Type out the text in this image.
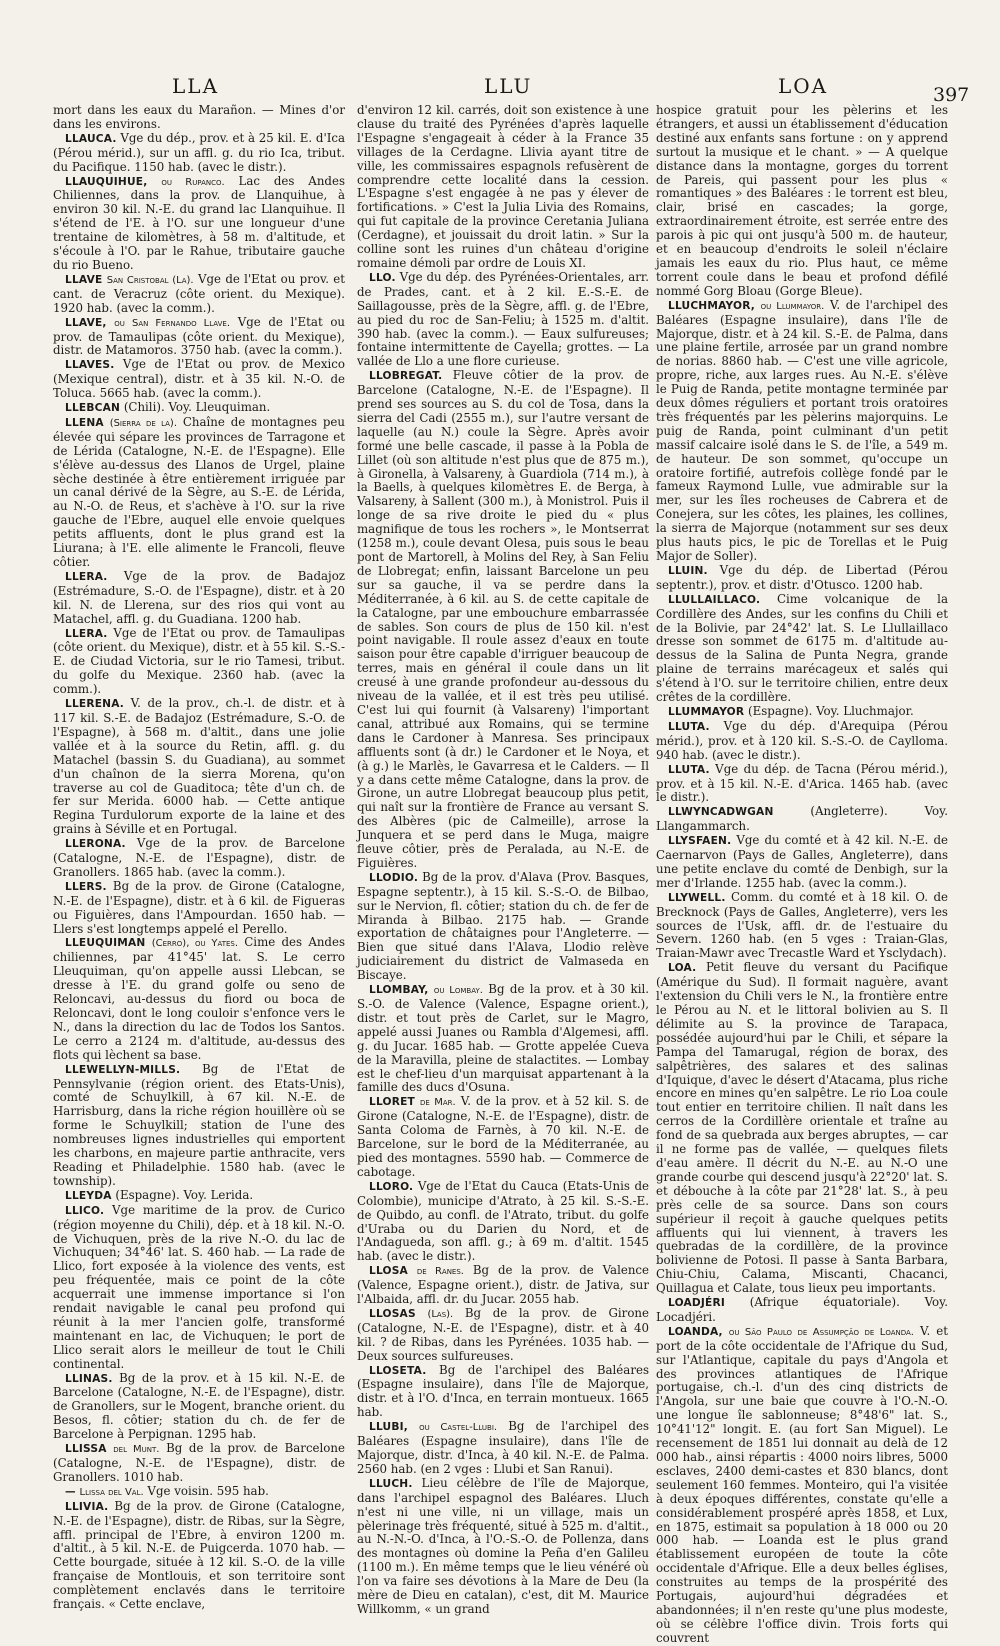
LLA	LLU	LOA	397

mort dans les eaux du Marañon. — Mines d'or dans les environs.

LLAUCA. Vge du dép., prov. et à 25 kil. E. d'Ica (Pérou mérid.), sur un affl. g. du rio Ica, tribut. du Pacifique. 1150 hab. (avec le distr.).

LLAUQUIHUE, ou Rupanco. Lac des Andes Chiliennes, dans la prov. de Llanquihue, à environ 30 kil. N.-E. du grand lac Llanquihue. Il s'étend de l'E. à l'O. sur une longueur d'une trentaine de kilomètres, à 58 m. d'altitude, et s'écoule à l'O. par le Rahue, tributaire gauche du rio Bueno.

LLAVE San Cristobal (La). Vge de l'Etat ou prov. et cant. de Veracruz (côte orient. du Mexique). 1920 hab. (avec la comm.).

LLAVE, ou San Fernando Llave. Vge de l'Etat ou prov. de Tamaulipas (côte orient. du Mexique), distr. de Matamoros. 3750 hab. (avec la comm.).

LLAVES. Vge de l'Etat ou prov. de Mexico (Mexique central), distr. et à 35 kil. N.-O. de Toluca. 5665 hab. (avec la comm.).

LLEBCAN (Chili). Voy. Lleuquiman.

LLENA (Sierra de la). Chaîne de montagnes peu élevée qui sépare les provinces de Tarragone et de Lérida (Catalogne, N.-E. de l'Espagne). Elle s'élève au-dessus des Llanos de Urgel, plaine sèche destinée à être entièrement irriguée par un canal dérivé de la Sègre, au S.-E. de Lérida, au N.-O. de Reus, et s'achève à l'O. sur la rive gauche de l'Ebre, auquel elle envoie quelques petits affluents, dont le plus grand est la Liurana; à l'E. elle alimente le Francoli, fleuve côtier.

LLERA. Vge de la prov. de Badajoz (Estrémadure, S.-O. de l'Espagne), distr. et à 20 kil. N. de Llerena, sur des rios qui vont au Matachel, affl. g. du Guadiana. 1200 hab.

LLERA. Vge de l'Etat ou prov. de Tamaulipas (côte orient. du Mexique), distr. et à 55 kil. S.-S.-E. de Ciudad Victoria, sur le rio Tamesi, tribut. du golfe du Mexique. 2360 hab. (avec la comm.).

LLERENA. V. de la prov., ch.-l. de distr. et à 117 kil. S.-E. de Badajoz (Estrémadure, S.-O. de l'Espagne), à 568 m. d'altit., dans une jolie vallée et à la source du Retin, affl. g. du Matachel (bassin S. du Guadiana), au sommet d'un chaînon de la sierra Morena, qu'on traverse au col de Guaditoca; tête d'un ch. de fer sur Merida. 6000 hab. — Cette antique Regina Turdulorum exporte de la laine et des grains à Séville et en Portugal.

LLERONA. Vge de la prov. de Barcelone (Catalogne, N.-E. de l'Espagne), distr. de Granollers. 1865 hab. (avec la comm.).

LLERS. Bg de la prov. de Girone (Catalogne, N.-E. de l'Espagne), distr. et à 6 kil. de Figueras ou Figuières, dans l'Ampourdan. 1650 hab. — Llers s'est longtemps appelé el Perello.

LLEUQUIMAN (Cerro), ou Yates. Cime des Andes chiliennes, par 41°45' lat. S. Le cerro Lleuquiman, qu'on appelle aussi Llebcan, se dresse à l'E. du grand golfe ou seno de Reloncavi, au-dessus du fiord ou boca de Reloncavi, dont le long couloir s'enfonce vers le N., dans la direction du lac de Todos los Santos. Le cerro a 2124 m. d'altitude, au-dessus des flots qui lèchent sa base.

LLEWELLYN-MILLS. Bg de l'Etat de Pennsylvanie (région orient. des Etats-Unis), comté de Schuylkill, à 67 kil. N.-E. de Harrisburg, dans la riche région houillère où se forme le Schuylkill; station de l'une des nombreuses lignes industrielles qui emportent les charbons, en majeure partie anthracite, vers Reading et Philadelphie. 1580 hab. (avec le township).

LLEYDA (Espagne). Voy. Lerida.

LLICO. Vge maritime de la prov. de Curico (région moyenne du Chili), dép. et à 18 kil. N.-O. de Vichuquen, près de la rive N.-O. du lac de Vichuquen; 34°46' lat. S. 460 hab. — La rade de Llico, fort exposée à la violence des vents, est peu fréquentée, mais ce point de la côte acquerrait une immense importance si l'on rendait navigable le canal peu profond qui réunit à la mer l'ancien golfe, transformé maintenant en lac, de Vichuquen; le port de Llico serait alors le meilleur de tout le Chili continental.

LLINAS. Bg de la prov. et à 15 kil. N.-E. de Barcelone (Catalogne, N.-E. de l'Espagne), distr. de Granollers, sur le Mogent, branche orient. du Besos, fl. côtier; station du ch. de fer de Barcelone à Perpignan. 1295 hab.

LLISSA del Munt. Bg de la prov. de Barcelone (Catalogne, N.-E. de l'Espagne), distr. de Granollers. 1010 hab.

— Llissa del Val. Vge voisin. 595 hab.

LLIVIA. Bg de la prov. de Girone (Catalogne, N.-E. de l'Espagne), distr. de Ribas, sur la Sègre, affl. principal de l'Ebre, à environ 1200 m. d'altit., à 5 kil. N.-E. de Puigcerda. 1070 hab. — Cette bourgade, située à 12 kil. S.-O. de la ville française de Montlouis, et son territoire sont complètement enclavés dans le territoire français. « Cette enclave,

d'environ 12 kil. carrés, doit son existence à une clause du traité des Pyrénées d'après laquelle l'Espagne s'engageait à céder à la France 35 villages de la Cerdagne. Llivia ayant titre de ville, les commissaires espagnols refusèrent de comprendre cette localité dans la cession. L'Espagne s'est engagée à ne pas y élever de fortifications. » C'est la Julia Livia des Romains, qui fut capitale de la province Ceretania Juliana (Cerdagne), et jouissait du droit latin. » Sur la colline sont les ruines d'un château d'origine romaine démoli par ordre de Louis XI.

LLO. Vge du dép. des Pyrénées-Orientales, arr. de Prades, cant. et à 2 kil. E.-S.-E. de Saillagousse, près de la Sègre, affl. g. de l'Ebre, au pied du roc de San-Feliu; à 1525 m. d'altit. 390 hab. (avec la comm.). — Eaux sulfureuses; fontaine intermittente de Cayella; grottes. — La vallée de Llo a une flore curieuse.

LLOBREGAT. Fleuve côtier de la prov. de Barcelone (Catalogne, N.-E. de l'Espagne). Il prend ses sources au S. du col de Tosa, dans la sierra del Cadi (2555 m.), sur l'autre versant de laquelle (au N.) coule la Sègre. Après avoir formé une belle cascade, il passe à la Pobla de Lillet (où son altitude n'est plus que de 875 m.), à Gironella, à Valsareny, à Guardiola (714 m.), à la Baells, à quelques kilomètres E. de Berga, à Valsareny, à Sallent (300 m.), à Monistrol. Puis il longe de sa rive droite le pied du « plus magnifique de tous les rochers », le Montserrat (1258 m.), coule devant Olesa, puis sous le beau pont de Martorell, à Molins del Rey, à San Feliu de Llobregat; enfin, laissant Barcelone un peu sur sa gauche, il va se perdre dans la Méditerranée, à 6 kil. au S. de cette capitale de la Catalogne, par une embouchure embarrassée de sables. Son cours de plus de 150 kil. n'est point navigable. Il roule assez d'eaux en toute saison pour être capable d'irriguer beaucoup de terres, mais en général il coule dans un lit creusé à une grande profondeur au-dessous du niveau de la vallée, et il est très peu utilisé. C'est lui qui fournit (à Valsareny) l'important canal, attribué aux Romains, qui se termine dans le Cardoner à Manresa. Ses principaux affluents sont (à dr.) le Cardoner et le Noya, et (à g.) le Marlès, le Gavarresa et le Calders. — Il y a dans cette même Catalogne, dans la prov. de Girone, un autre Llobregat beaucoup plus petit, qui naît sur la frontière de France au versant S. des Albères (pic de Calmeille), arrose la Junquera et se perd dans le Muga, maigre fleuve côtier, près de Peralada, au N.-E. de Figuières.

LLODIO. Bg de la prov. d'Alava (Prov. Basques, Espagne septentr.), à 15 kil. S.-S.-O. de Bilbao, sur le Nervion, fl. côtier; station du ch. de fer de Miranda à Bilbao. 2175 hab. — Grande exportation de châtaignes pour l'Angleterre. — Bien que situé dans l'Alava, Llodio relève judiciairement du district de Valmaseda en Biscaye.

LLOMBAY, ou Lombay. Bg de la prov. et à 30 kil. S.-O. de Valence (Valence, Espagne orient.), distr. et tout près de Carlet, sur le Magro, appelé aussi Juanes ou Rambla d'Algemesi, affl. g. du Jucar. 1685 hab. — Grotte appelée Cueva de la Maravilla, pleine de stalactites. — Lombay est le chef-lieu d'un marquisat appartenant à la famille des ducs d'Osuna.

LLORET de Mar. V. de la prov. et à 52 kil. S. de Girone (Catalogne, N.-E. de l'Espagne), distr. de Santa Coloma de Farnès, à 70 kil. N.-E. de Barcelone, sur le bord de la Méditerranée, au pied des montagnes. 5590 hab. — Commerce de cabotage.

LLORO. Vge de l'Etat du Cauca (Etats-Unis de Colombie), municipe d'Atrato, à 25 kil. S.-S.-E. de Quibdo, au confl. de l'Atrato, tribut. du golfe d'Uraba ou du Darien du Nord, et de l'Andagueda, son affl. g.; à 69 m. d'altit. 1545 hab. (avec le distr.).

LLOSA de Ranes. Bg de la prov. de Valence (Valence, Espagne orient.), distr. de Jativa, sur l'Albaida, affl. dr. du Jucar. 2055 hab.

LLOSAS (Las). Bg de la prov. de Girone (Catalogne, N.-E. de l'Espagne), distr. et à 40 kil. ? de Ribas, dans les Pyrénées. 1035 hab. — Deux sources sulfureuses.

LLOSETA. Bg de l'archipel des Baléares (Espagne insulaire), dans l'île de Majorque, distr. et à l'O. d'Inca, en terrain montueux. 1665 hab.

LLUBI, ou Castel-Llubi. Bg de l'archipel des Baléares (Espagne insulaire), dans l'île de Majorque, distr. d'Inca, à 40 kil. N.-E. de Palma. 2560 hab. (en 2 vges : Llubi et San Ranui).

LLUCH. Lieu célèbre de l'île de Majorque, dans l'archipel espagnol des Baléares. Lluch n'est ni une ville, ni un village, mais un pèlerinage très fréquenté, situé à 525 m. d'altit., au N.-N.-O. d'Inca, à l'O.-S.-O. de Pollenza, dans des montagnes où domine la Peña d'en Galileu (1100 m.). En même temps que le lieu vénéré où l'on va faire ses dévotions à la Mare de Deu (la mère de Dieu en catalan), c'est, dit M. Maurice Willkomm, « un grand

hospice gratuit pour les pèlerins et les étrangers, et aussi un établissement d'éducation destiné aux enfants sans fortune : on y apprend surtout la musique et le chant. » — A quelque distance dans la montagne, gorges du torrent de Pareis, qui passent pour les plus « romantiques » des Baléares : le torrent est bleu, clair, brisé en cascades; la gorge, extraordinairement étroite, est serrée entre des parois à pic qui ont jusqu'à 500 m. de hauteur, et en beaucoup d'endroits le soleil n'éclaire jamais les eaux du rio. Plus haut, ce même torrent coule dans le beau et profond défilé nommé Gorg Bloau (Gorge Bleue).

LLUCHMAYOR, ou Llummayor. V. de l'archipel des Baléares (Espagne insulaire), dans l'île de Majorque, distr. et à 24 kil. S.-E. de Palma, dans une plaine fertile, arrosée par un grand nombre de norias. 8860 hab. — C'est une ville agricole, propre, riche, aux larges rues. Au N.-E. s'élève le Puig de Randa, petite montagne terminée par deux dômes réguliers et portant trois oratoires très fréquentés par les pèlerins majorquins. Le puig de Randa, point culminant d'un petit massif calcaire isolé dans le S. de l'île, a 549 m. de hauteur. De son sommet, qu'occupe un oratoire fortifié, autrefois collège fondé par le fameux Raymond Lulle, vue admirable sur la mer, sur les îles rocheuses de Cabrera et de Conejera, sur les côtes, les plaines, les collines, la sierra de Majorque (notamment sur ses deux plus hauts pics, le pic de Torellas et le Puig Major de Soller).

LLUIN. Vge du dép. de Libertad (Pérou septentr.), prov. et distr. d'Otusco. 1200 hab.

LLULLAILLACO. Cime volcanique de la Cordillère des Andes, sur les confins du Chili et de la Bolivie, par 24°42' lat. S. Le Llullaillaco dresse son sommet de 6175 m. d'altitude au-dessus de la Salina de Punta Negra, grande plaine de terrains marécageux et salés qui s'étend à l'O. sur le territoire chilien, entre deux crêtes de la cordillère.

LLUMMAYOR (Espagne). Voy. Lluchmajor.

LLUTA. Vge du dép. d'Arequipa (Pérou mérid.), prov. et à 120 kil. S.-S.-O. de Caylloma. 940 hab. (avec le distr.).

LLUTA. Vge du dép. de Tacna (Pérou mérid.), prov. et à 15 kil. N.-E. d'Arica. 1465 hab. (avec le distr.).

LLWYNCADWGAN	(Angleterre). Voy. Llangammarch.

LLYSFAEN. Vge du comté et à 42 kil. N.-E. de Caernarvon (Pays de Galles, Angleterre), dans une petite enclave du comté de Denbigh, sur la mer d'Irlande. 1255 hab. (avec la comm.).

LLYWELL. Comm. du comté et à 18 kil. O. de Brecknock (Pays de Galles, Angleterre), vers les sources de l'Usk, affl. dr. de l'estuaire du Severn. 1260 hab. (en 5 vges : Traian-Glas, Traian-Mawr avec Trecastle Ward et Ysclydach).

LOA. Petit fleuve du versant du Pacifique (Amérique du Sud). Il formait naguère, avant l'extension du Chili vers le N., la frontière entre le Pérou au N. et le littoral bolivien au S. Il délimite au S. la province de Tarapaca, possédée aujourd'hui par le Chili, et sépare la Pampa del Tamarugal, région de borax, des salpêtrières, des salares et des salinas d'Iquique, d'avec le désert d'Atacama, plus riche encore en mines qu'en salpêtre. Le rio Loa coule tout entier en territoire chilien. Il naît dans les cerros de la Cordillère orientale et traîne au fond de sa quebrada aux berges abruptes, — car il ne forme pas de vallée, — quelques filets d'eau amère. Il décrit du N.-E. au N.-O une grande courbe qui descend jusqu'à 22°20' lat. S. et débouche à la côte par 21°28' lat. S., à peu près celle de sa source. Dans son cours supérieur il reçoit à gauche quelques petits affluents qui lui viennent, à travers les quebradas de la cordillère, de la province bolivienne de Potosi. Il passe à Santa Barbara, Chiu-Chiu, Calama, Miscanti, Chacanci, Quillagua et Calate, tous lieux peu importants.

LOADJÉRI (Afrique équatoriale). Voy. Locadjéri.

LOANDA, ou São Paulo de Assumpção de Loanda. V. et port de la côte occidentale de l'Afrique du Sud, sur l'Atlantique, capitale du pays d'Angola et des provinces atlantiques de l'Afrique portugaise, ch.-l. d'un des cinq districts de l'Angola, sur une baie que couvre à l'O.-N.-O. une longue île sablonneuse; 8°48'6" lat. S., 10°41'12" longit. E. (au fort San Miguel). Le recensement de 1851 lui donnait au delà de 12 000 hab., ainsi répartis : 4000 noirs libres, 5000 esclaves, 2400 demi-castes et 830 blancs, dont seulement 160 femmes. Monteiro, qui l'a visitée à deux époques différentes, constate qu'elle a considérablement prospéré après 1858, et Lux, en 1875, estimait sa population à 18 000 ou 20 000 hab. — Loanda est le plus grand établissement européen de toute la côte occidentale d'Afrique. Elle a deux belles églises, construites au temps de la prospérité des Portugais, aujourd'hui dégradées et abandonnées; il n'en reste qu'une plus modeste, où se célèbre l'office divin. Trois forts qui couvrent
